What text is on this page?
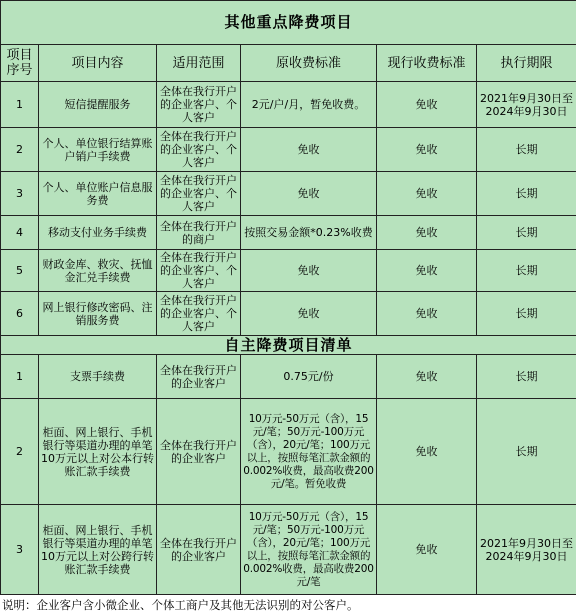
其他重点降费项目					
项目序号	项目内容	适用范围	原收费标准	现行收费标准	执行期限
1	短信提醒服务	全体在我行开户的企业客户、个人客户	2元/户/月，暂免收费。	免收	2021年9月30日至2024年9月30日
2	个人、单位银行结算账户销户手续费	全体在我行开户的企业客户、个人客户	免收	免收	长期
3	个人、单位账户信息服务费	全体在我行开户的企业客户、个人客户	免收	免收	长期
4	移动支付业务手续费	全体在我行开户的商户	按照交易金额*0.23%收费	免收	长期
5	财政金库、救灾、抚恤金汇兑手续费	全体在我行开户的企业客户、个人客户	免收	免收	长期
6	网上银行修改密码、注销服务费	全体在我行开户的企业客户、个人客户	免收	免收	长期
自主降费项目清单					
1	支票手续费	全体在我行开户的企业客户	0.75元/份	免收	长期
2	柜面、网上银行、手机银行等渠道办理的单笔10万元以上对公本行转账汇款手续费	全体在我行开户的企业客户	10万元-50万元（含），15元/笔；50万元-100万元（含），20元/笔；100万元以上，按照每笔汇款金额的0.002%收费，最高收费200元/笔。暂免收费	免收	长期
3	柜面、网上银行、手机银行等渠道办理的单笔10万元以上对公跨行转账汇款手续费	全体在我行开户的企业客户	10万元-50万元（含），15元/笔；50万元-100万元（含），20元/笔；100万元以上，按照每笔汇款金额的0.002%收费，最高收费200元/笔	免收	2021年9月30日至2024年9月30日
说明：企业客户含小微企业、个体工商户及其他无法识别的对公客户。
